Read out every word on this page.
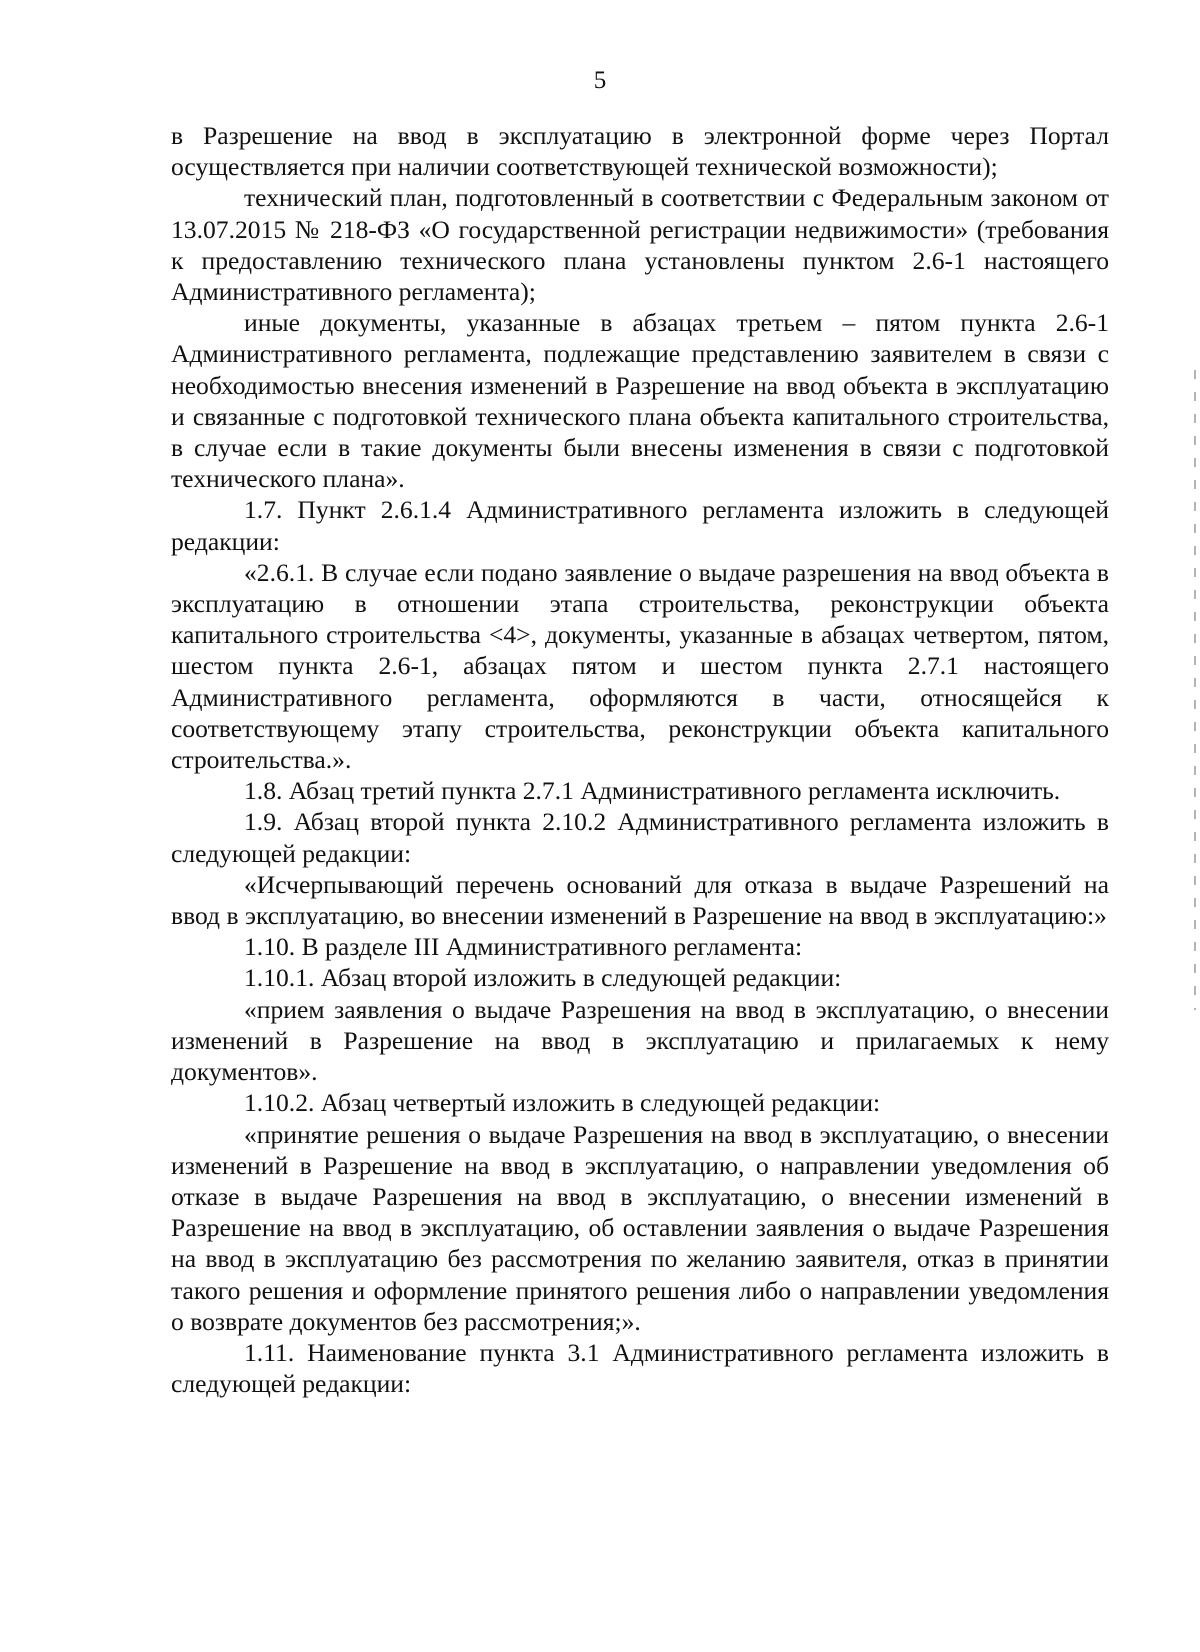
5

в Разрешение на ввод в эксплуатацию в электронной форме через Портал осуществляется при наличии соответствующей технической возможности);

технический план, подготовленный в соответствии с Федеральным законом от 13.07.2015 № 218-ФЗ «О государственной регистрации недвижимости» (требования к предоставлению технического плана установлены пунктом 2.6-1 настоящего Административного регламента);

иные документы, указанные в абзацах третьем – пятом пункта 2.6-1 Административного регламента, подлежащие представлению заявителем в связи с необходимостью внесения изменений в Разрешение на ввод объекта в эксплуатацию и связанные с подготовкой технического плана объекта капитального строительства, в случае если в такие документы были внесены изменения в связи с подготовкой технического плана».

1.7. Пункт 2.6.1.4 Административного регламента изложить в следующей редакции:

«2.6.1. В случае если подано заявление о выдаче разрешения на ввод объекта в эксплуатацию в отношении этапа строительства, реконструкции объекта капитального строительства <4>, документы, указанные в абзацах четвертом, пятом, шестом пункта 2.6-1, абзацах пятом и шестом пункта 2.7.1 настоящего Административного регламента, оформляются в части, относящейся к соответствующему этапу строительства, реконструкции объекта капитального строительства.».

1.8. Абзац третий пункта 2.7.1 Административного регламента исключить.

1.9. Абзац второй пункта 2.10.2 Административного регламента изложить в следующей редакции:

«Исчерпывающий перечень оснований для отказа в выдаче Разрешений на ввод в эксплуатацию, во внесении изменений в Разрешение на ввод в эксплуатацию:»

1.10. В разделе III Административного регламента:

1.10.1. Абзац второй изложить в следующей редакции:

«прием заявления о выдаче Разрешения на ввод в эксплуатацию, о внесении изменений в Разрешение на ввод в эксплуатацию и прилагаемых к нему документов».

1.10.2. Абзац четвертый изложить в следующей редакции:

«принятие решения о выдаче Разрешения на ввод в эксплуатацию, о внесении изменений в Разрешение на ввод в эксплуатацию, о направлении уведомления об отказе в выдаче Разрешения на ввод в эксплуатацию, о внесении изменений в Разрешение на ввод в эксплуатацию, об оставлении заявления о выдаче Разрешения на ввод в эксплуатацию без рассмотрения по желанию заявителя, отказ в принятии такого решения и оформление принятого решения либо о направлении уведомления о возврате документов без рассмотрения;».

1.11. Наименование пункта 3.1 Административного регламента изложить в следующей редакции:
